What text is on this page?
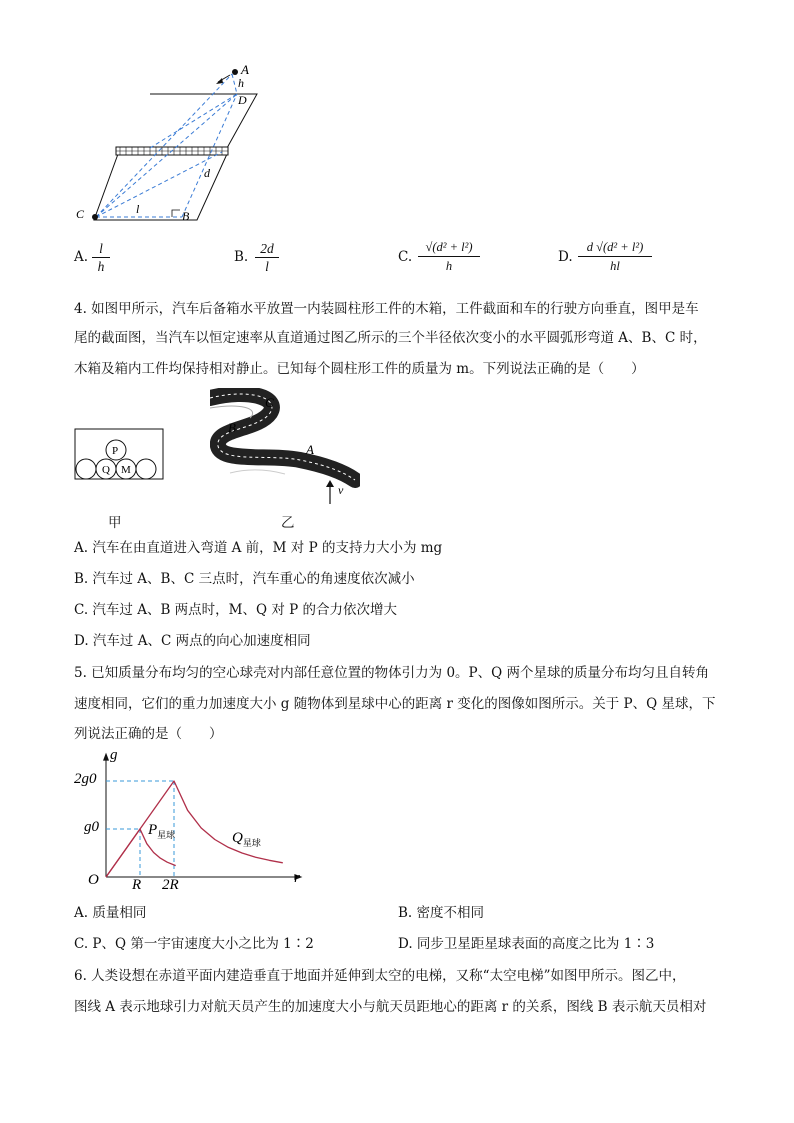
A
h
D
d
C	l	B
A. $\frac{l}{h}$	B. $\frac{2d}{l}$	C. $\frac{\text{√(d² + l²)}}{h}$	D. $\frac{\text{d √(d² + l²)}}{hl}$
4. 如图甲所示，汽车后备箱水平放置一内装圆柱形工件的木箱，工件截面和车的行驶方向垂直，图甲是车
尾的截面图，当汽车以恒定速率从直道通过图乙所示的三个半径依次变小的水平圆弧形弯道 A、B、C 时，
木箱及箱内工件均保持相对静止。已知每个圆柱形工件的质量为 m。下列说法正确的是（　　）
P
Q M
甲
C
B
A
v
乙
A. 汽车在由直道进入弯道 A 前，M 对 P 的支持力大小为 mg
B. 汽车过 A、B、C 三点时，汽车重心的角速度依次减小
C. 汽车过 A、B 两点时，M、Q 对 P 的合力依次增大
D. 汽车过 A、C 两点的向心加速度相同
5. 已知质量分布均匀的空心球壳对内部任意位置的物体引力为 0。P、Q 两个星球的质量分布均匀且自转角
速度相同，它们的重力加速度大小 g 随物体到星球中心的距离 r 变化的图像如图所示。关于 P、Q 星球，下
列说法正确的是（　　）
g
r
O
2g0
g0
R 2R
$P_{星球}$	$Q_{星球}$
A. 质量相同	B. 密度不相同
C. P、Q 第一宇宙速度大小之比为 1∶2	D. 同步卫星距星球表面的高度之比为 1∶3
6. 人类设想在赤道平面内建造垂直于地面并延伸到太空的电梯，又称“太空电梯”如图甲所示。图乙中，
图线 A 表示地球引力对航天员产生的加速度大小与航天员距地心的距离 r 的关系，图线 B 表示航天员相对
